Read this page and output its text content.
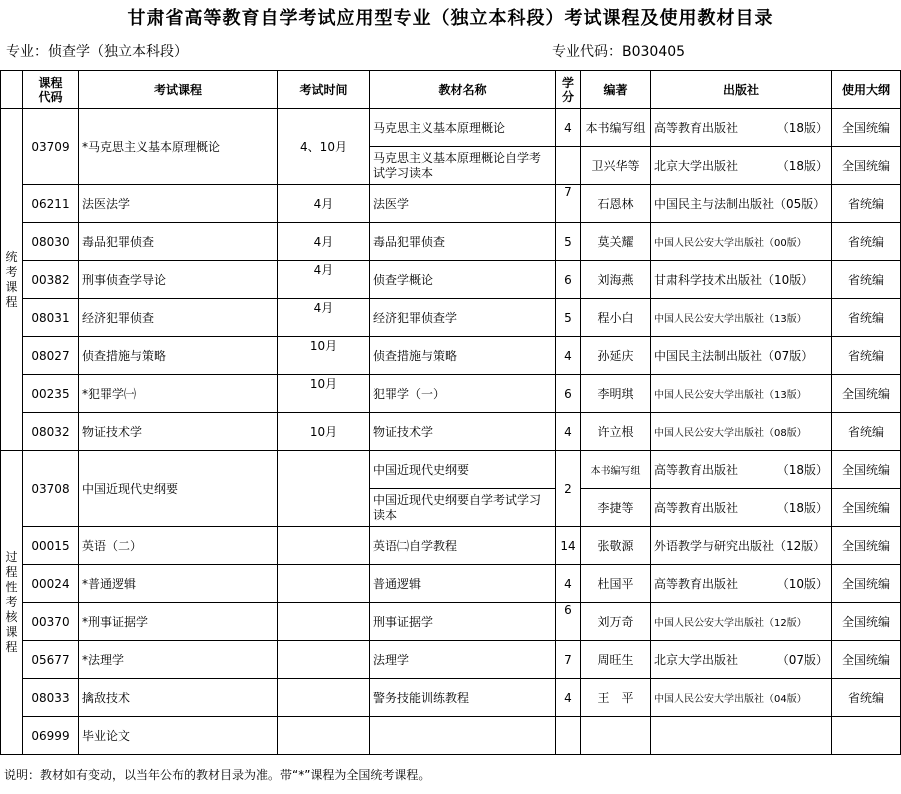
甘肃省高等教育自学考试应用型专业（独立本科段）考试课程及使用教材目录
专业：侦查学（独立本科段）	专业代码：B030405
	课程代码	考试课程	考试时间	教材名称	学分	编著	出版社	使用大纲
统考课程	03709	*马克思主义基本原理概论	4、10月	马克思主义基本原理概论	4	本书编写组	高等教育出版社 （18版）	全国统编
				马克思主义基本原理概论自学考试学习读本		卫兴华等	北京大学出版社 （18版）	全国统编
	06211	法医法学	4月	法医学	7	石恩林	中国民主与法制出版社（05版）	省统编
	08030	毒品犯罪侦查	4月	毒品犯罪侦查	5	莫关耀	中国人民公安大学出版社（00版）	省统编
	00382	刑事侦查学导论	4月	侦查学概论	6	刘海燕	甘肃科学技术出版社（10版）	省统编
	08031	经济犯罪侦查	4月	经济犯罪侦查学	5	程小白	中国人民公安大学出版社（13版）	省统编
	08027	侦查措施与策略	10月	侦查措施与策略	4	孙延庆	中国民主法制出版社（07版）	省统编
	00235	*犯罪学㈠	10月	犯罪学（一）	6	李明琪	中国人民公安大学出版社（13版）	全国统编
	08032	物证技术学	10月	物证技术学	4	许立根	中国人民公安大学出版社（08版）	省统编
过程性考核课程	03708	中国近现代史纲要		中国近现代史纲要	2	本书编写组	高等教育出版社 （18版）	全国统编
				中国近现代史纲要自学考试学习读本		李捷等	高等教育出版社 （18版）	全国统编
	00015	英语（二）		英语㈡自学教程	14	张敬源	外语教学与研究出版社（12版）	全国统编
	00024	*普通逻辑		普通逻辑	4	杜国平	高等教育出版社 （10版）	全国统编
	00370	*刑事证据学		刑事证据学	6	刘万奇	中国人民公安大学出版社（12版）	全国统编
	05677	*法理学		法理学	7	周旺生	北京大学出版社 （07版）	全国统编
	08033	擒敌技术		警务技能训练教程	4	王　平	中国人民公安大学出版社（04版）	省统编
	06999	毕业论文						
说明：教材如有变动，以当年公布的教材目录为准。带“*”课程为全国统考课程。
